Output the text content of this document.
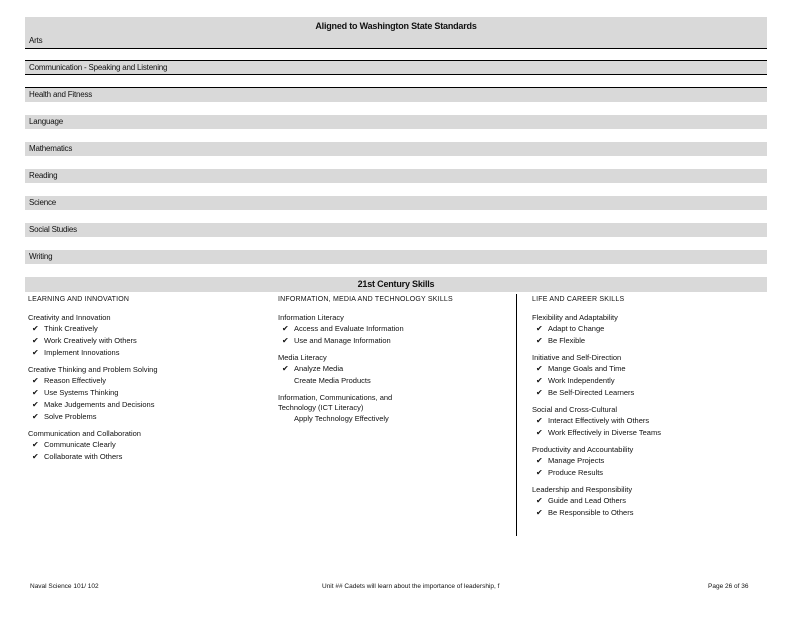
Aligned to Washington State Standards
Arts
Communication - Speaking and Listening
Health and Fitness
Language
Mathematics
Reading
Science
Social Studies
Writing
21st Century Skills
LEARNING AND INNOVATION
Creativity and Innovation
✔ Think Creatively
✔ Work Creatively with Others
✔ Implement Innovations
Creative Thinking and Problem Solving
✔ Reason Effectively
✔ Use Systems Thinking
✔ Make Judgements and Decisions
✔ Solve Problems
Communication and Collaboration
✔ Communicate Clearly
✔ Collaborate with Others
INFORMATION, MEDIA AND TECHNOLOGY SKILLS
Information Literacy
✔ Access and Evaluate Information
✔ Use and Manage Information
Media Literacy
✔ Analyze Media
Create Media Products
Information, Communications, and Technology (ICT Literacy)
Apply Technology Effectively
LIFE AND CAREER SKILLS
Flexibility and Adaptability
✔ Adapt to Change
✔ Be Flexible
Initiative and Self-Direction
✔ Mange Goals and Time
✔ Work Independently
✔ Be Self-Directed Learners
Social and Cross-Cultural
✔ Interact Effectively with Others
✔ Work Effectively in Diverse Teams
Productivity and Accountability
✔ Manage Projects
✔ Produce Results
Leadership and Responsibility
✔ Guide and Lead Others
✔ Be Responsible to Others
Naval Science 101/ 102	Unit ## Cadets will learn about the importance of leadership, f	Page 26 of 36
